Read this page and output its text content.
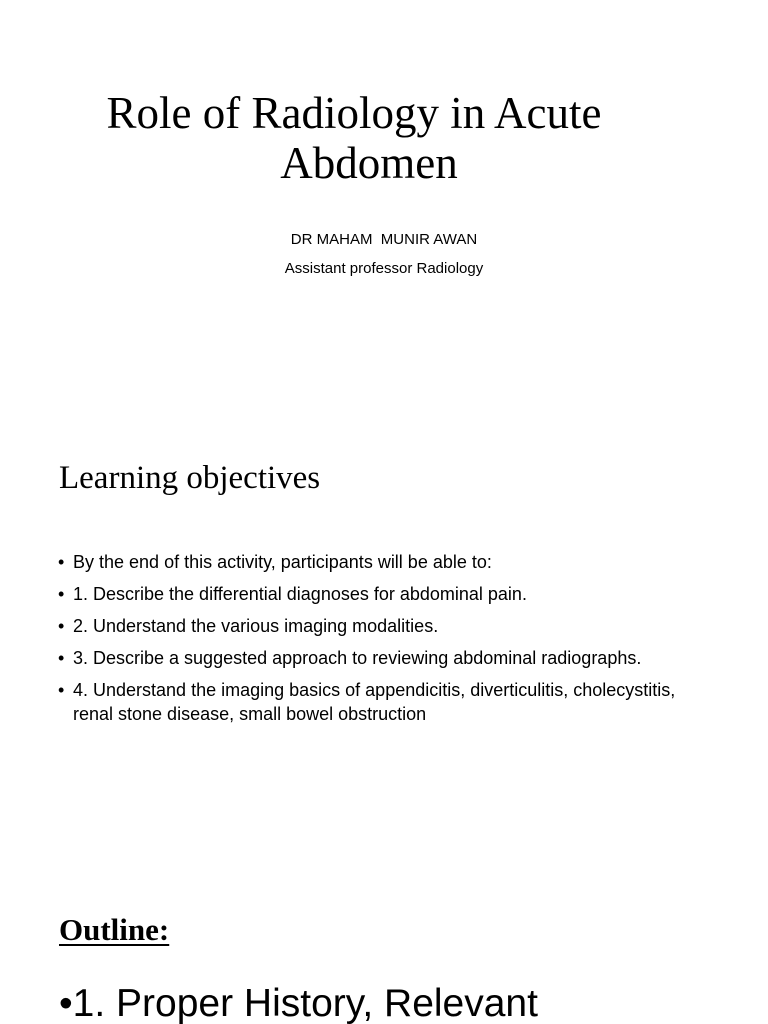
Role of Radiology in Acute
Abdomen
DR MAHAM  MUNIR AWAN
Assistant professor Radiology
Learning objectives
• By the end of this activity, participants will be able to:
• 1. Describe the differential diagnoses for abdominal pain.
• 2. Understand the various imaging modalities.
• 3. Describe a suggested approach to reviewing abdominal radiographs.
• 4. Understand the imaging basics of appendicitis, diverticulitis, cholecystitis, renal stone disease, small bowel obstruction
Outline:
•1. Proper History, Relevant
